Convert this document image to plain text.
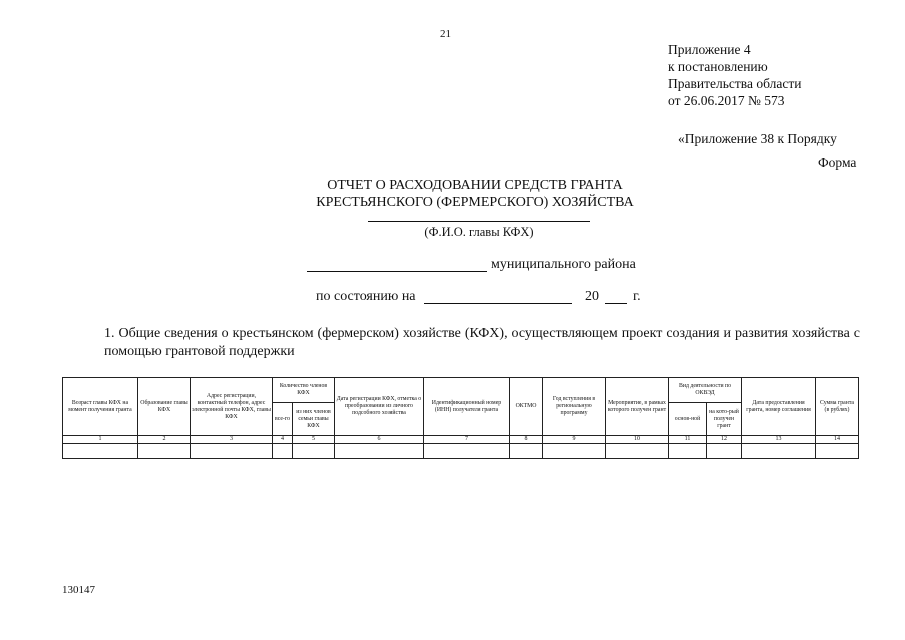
21
Приложение 4
к постановлению
Правительства области
от 26.06.2017 № 573
«Приложение 38 к Порядку
Форма
ОТЧЕТ О РАСХОДОВАНИИ СРЕДСТВ ГРАНТА
КРЕСТЬЯНСКОГО (ФЕРМЕРСКОГО) ХОЗЯЙСТВА
(Ф.И.О. главы КФХ)
муниципального района
по состоянию на	20 г.
1. Общие сведения о крестьянском (фермерском) хозяйстве (КФХ), осуществляющем проект создания и развития хозяйства с помощью грантовой поддержки
Возраст главы КФХ на момент получения гранта	Образование главы КФХ	Адрес регистрации, контактный телефон, адрес электронной почты КФХ, главы КФХ	Количество членов КФХ		Дата регистрации КФХ, отметка о преобразовании из личного подсобного хозяйства	Идентификационный номер (ИНН) получателя гранта	ОКТМО	Год вступления в региональную программу	Мероприятие, в рамках которого получен грант	Вид деятельности по ОКВЭД		Дата предоставления гранта, номер соглашения	Сумма гранта (в рублях)
			все-го	из них членов семьи главы КФХ						основ-ной	на кото-рый получен грант		
1	2	3	4	5	6	7	8	9	10	11	12	13	14

130147
